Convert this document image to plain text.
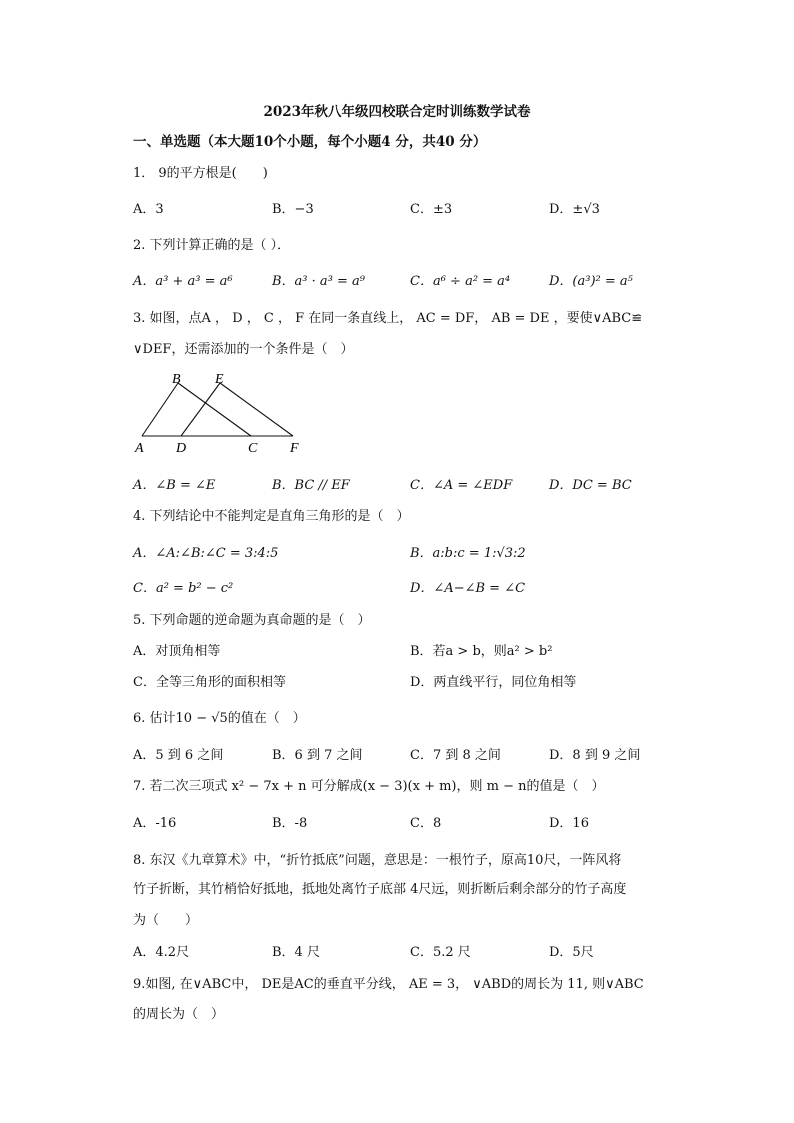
2023年秋八年级四校联合定时训练数学试卷
一、单选题（本大题10个小题，每个小题4 分，共40 分）
1． 9的平方根是(　　)
A．3	B．−3	C．±3	D．±√3
2. 下列计算正确的是（ ）．
A．a³ + a³ = a⁶	B．a³ · a³ = a⁹	C．a⁶ ÷ a² = a⁴	D．(a³)² = a⁵
3. 如图，点A ， D ， C ， F 在同一条直线上， AC = DF， AB = DE ，要使∨ABC≌
∨DEF，还需添加的一个条件是（　）
B E
A D	C F
A．∠B = ∠E	B．BC // EF	C．∠A = ∠EDF	D．DC = BC
4. 下列结论中不能判定是直角三角形的是（　）
A．∠A:∠B:∠C = 3:4:5	B．a:b:c = 1:√3:2
C．a² = b² − c²	D．∠A−∠B = ∠C
5. 下列命题的逆命题为真命题的是（　）
A．对顶角相等	B．若a > b，则a² > b²
C．全等三角形的面积相等	D．两直线平行，同位角相等
6. 估计10 − √5的值在（　）
A．5 到 6 之间	B．6 到 7 之间	C．7 到 8 之间	D．8 到 9 之间
7. 若二次三项式 x² − 7x + n 可分解成(x − 3)(x + m)，则 m − n的值是（　）
A．-16	B．-8	C．8	D．16
8. 东汉《九章算术》中，“折竹抵底”问题，意思是：一根竹子，原高10尺，一阵风将
竹子折断，其竹梢恰好抵地，抵地处离竹子底部 4尺远，则折断后剩余部分的竹子高度
为（　　）
A．4.2尺	B．4 尺	C．5.2 尺	D．5尺
9.如图, 在∨ABC中， DE是AC的垂直平分线， AE = 3， ∨ABD的周长为 11, 则∨ABC
的周长为（　）
